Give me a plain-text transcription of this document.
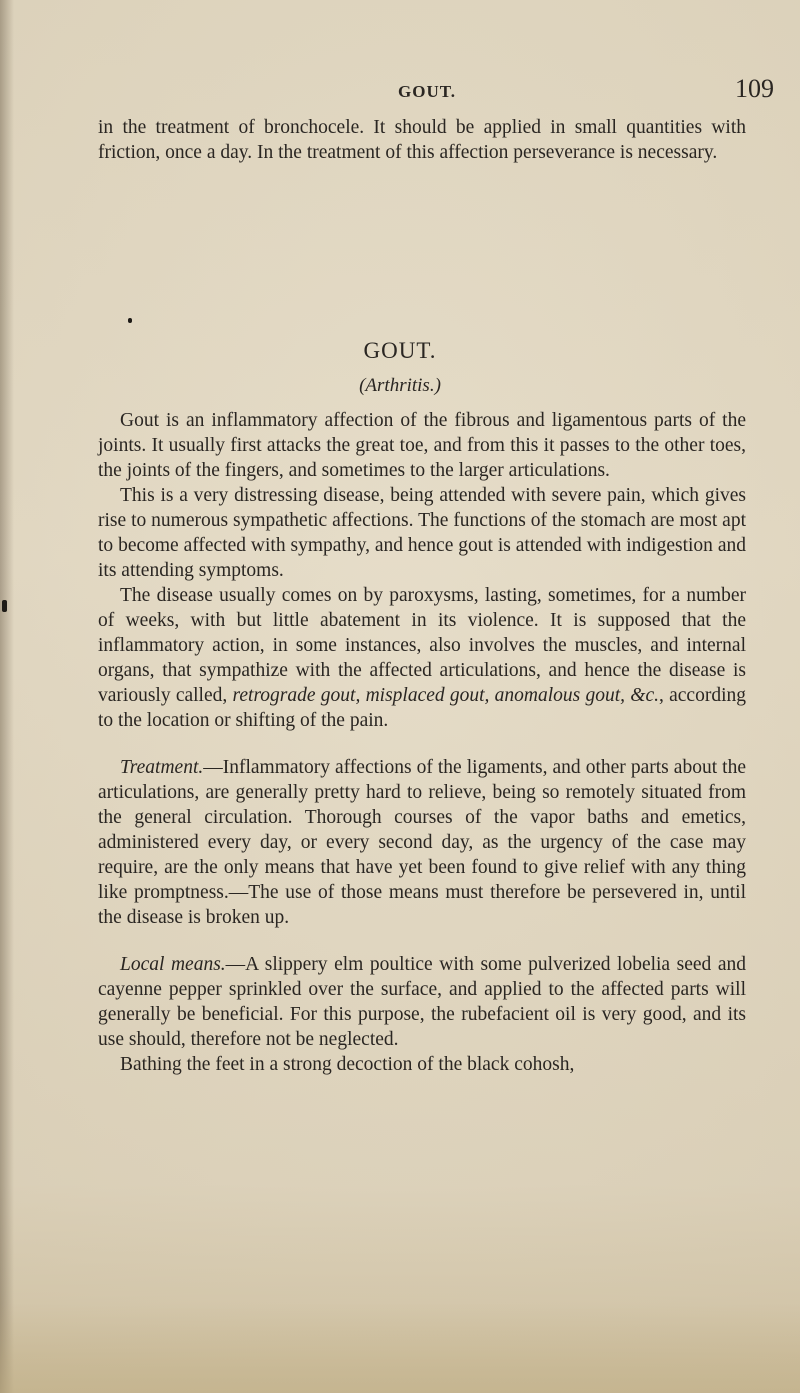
GOUT.	109

in the treatment of bronchocele. It should be applied in small quantities with friction, once a day. In the treatment of this affection perseverance is necessary.

GOUT.
(Arthritis.)

Gout is an inflammatory affection of the fibrous and ligamentous parts of the joints. It usually first attacks the great toe, and from this it passes to the other toes, the joints of the fingers, and sometimes to the larger articulations.

This is a very distressing disease, being attended with severe pain, which gives rise to numerous sympathetic affections. The functions of the stomach are most apt to become affected with sympathy, and hence gout is attended with indigestion and its attending symptoms.

The disease usually comes on by paroxysms, lasting, sometimes, for a number of weeks, with but little abatement in its violence. It is supposed that the inflammatory action, in some instances, also involves the muscles, and internal organs, that sympathize with the affected articulations, and hence the disease is variously called, retrograde gout, misplaced gout, anomalous gout, &c., according to the location or shifting of the pain.

Treatment.—Inflammatory affections of the ligaments, and other parts about the articulations, are generally pretty hard to relieve, being so remotely situated from the general circulation. Thorough courses of the vapor baths and emetics, administered every day, or every second day, as the urgency of the case may require, are the only means that have yet been found to give relief with any thing like promptness.—The use of those means must therefore be persevered in, until the disease is broken up.

Local means.—A slippery elm poultice with some pulverized lobelia seed and cayenne pepper sprinkled over the surface, and applied to the affected parts will generally be beneficial. For this purpose, the rubefacient oil is very good, and its use should, therefore not be neglected.

Bathing the feet in a strong decoction of the black cohosh,
